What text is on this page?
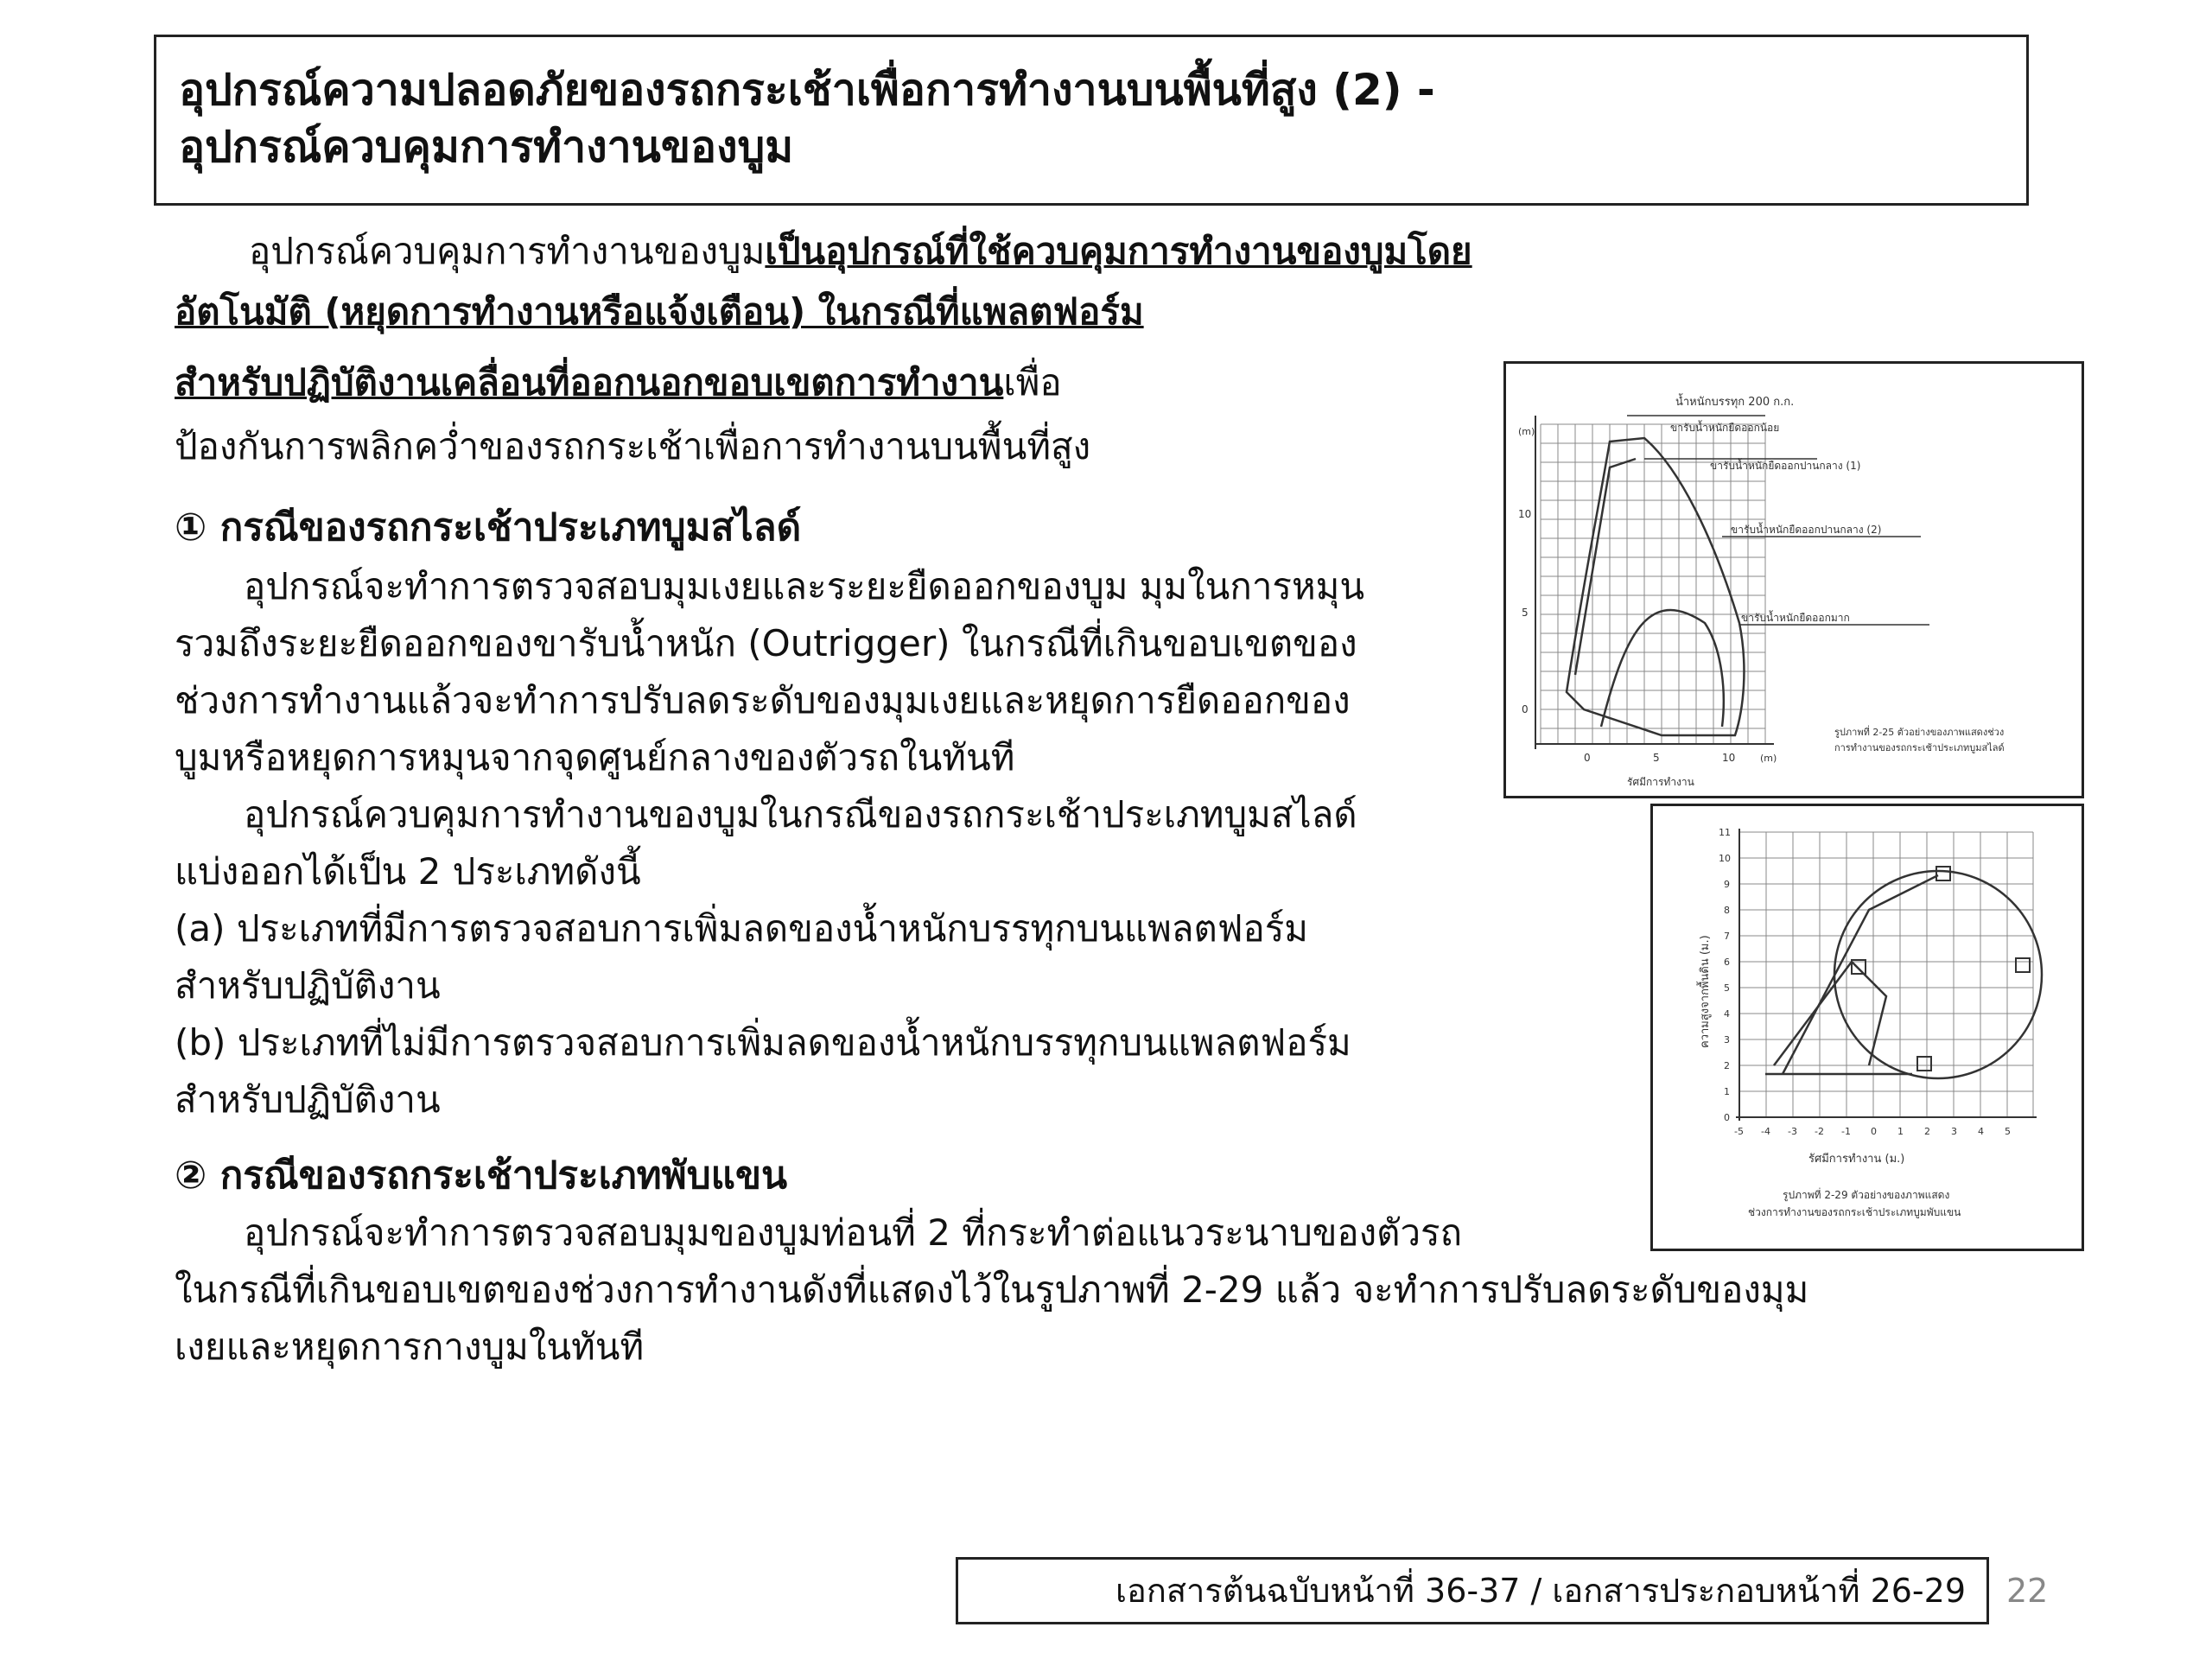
อุปกรณ์ความปลอดภัยของรถกระเช้าเพื่อการทำงานบนพื้นที่สูง (2) -
อุปกรณ์ควบคุมการทำงานของบูม
อุปกรณ์ควบคุมการทำงานของบูมเป็นอุปกรณ์ที่ใช้ควบคุมการทำงานของบูมโดย
อัตโนมัติ (หยุดการทำงานหรือแจ้งเตือน) ในกรณีที่แพลตฟอร์ม
สำหรับปฏิบัติงานเคลื่อนที่ออกนอกขอบเขตการทำงานเพื่อ
ป้องกันการพลิกคว่ำของรถกระเช้าเพื่อการทำงานบนพื้นที่สูง
① กรณีของรถกระเช้าประเภทบูมสไลด์
อุปกรณ์จะทำการตรวจสอบมุมเงยและระยะยืดออกของบูม มุมในการหมุน
รวมถึงระยะยืดออกของขารับน้ำหนัก (Outrigger) ในกรณีที่เกินขอบเขตของ
ช่วงการทำงานแล้วจะทำการปรับลดระดับของมุมเงยและหยุดการยืดออกของ
บูมหรือหยุดการหมุนจากจุดศูนย์กลางของตัวรถในทันที
อุปกรณ์ควบคุมการทำงานของบูมในกรณีของรถกระเช้าประเภทบูมสไลด์
แบ่งออกได้เป็น 2 ประเภทดังนี้
(a) ประเภทที่มีการตรวจสอบการเพิ่มลดของน้ำหนักบรรทุกบนแพลตฟอร์ม
สำหรับปฏิบัติงาน
(b) ประเภทที่ไม่มีการตรวจสอบการเพิ่มลดของน้ำหนักบรรทุกบนแพลตฟอร์ม
สำหรับปฏิบัติงาน
② กรณีของรถกระเช้าประเภทพับแขน
อุปกรณ์จะทำการตรวจสอบมุมของบูมท่อนที่ 2 ที่กระทำต่อแนวระนาบของตัวรถ
ในกรณีที่เกินขอบเขตของช่วงการทำงานดังที่แสดงไว้ในรูปภาพที่ 2-29 แล้ว จะทำการปรับลดระดับของมุม
เงยและหยุดการกางบูมในทันที
น้ำหนักบรรทุก 200 ก.ก.
ขารับน้ำหนักยืดออกน้อย
ขารับน้ำหนักยืดออกปานกลาง (1)
ขารับน้ำหนักยืดออกปานกลาง (2)
ขารับน้ำหนักยืดออกมาก
(m)
10
5
0
0	5	10	(m)
รัศมีการทำงาน
รูปภาพที่ 2-25 ตัวอย่างของภาพแสดงช่วง
การทำงานของรถกระเช้าประเภทบูมสไลด์
11
10
9
8
7
6
5
4
3
2
1
0
-5 -4 -3 -2 -1 0 1 2 3 4 5
ความสูงจากพื้นดิน (ม.)
รัศมีการทำงาน (ม.)
รูปภาพที่ 2-29 ตัวอย่างของภาพแสดง
ช่วงการทำงานของรถกระเช้าประเภทบูมพับแขน
เอกสารต้นฉบับหน้าที่ 36-37 / เอกสารประกอบหน้าที่ 26-29	22
